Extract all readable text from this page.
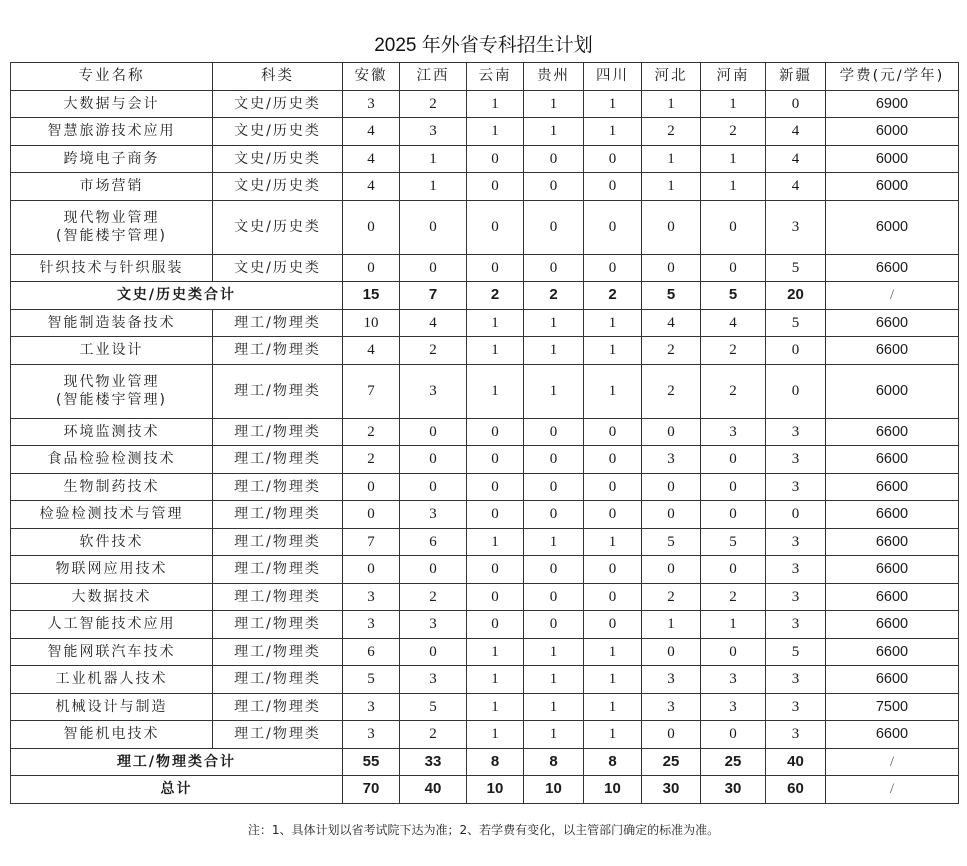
2025 年外省专科招生计划
专业名称	科类	安徽	江西	云南	贵州	四川	河北	河南	新疆	学费(元/学年)

大数据与会计	文史/历史类	3	2	1	1	1	1	1	0	6900

智慧旅游技术应用	文史/历史类	4	3	1	1	1	2	2	4	6000

跨境电子商务	文史/历史类	4	1	0	0	0	1	1	4	6000

市场营销	文史/历史类	4	1	0	0	0	1	1	4	6000

现代物业管理
(智能楼宇管理)	文史/历史类	0	0	0	0	0	0	0	3	6000

针织技术与针织服装	文史/历史类	0	0	0	0	0	0	0	5	6600
文史/历史类合计		15	7	2	2	2	5	5	20	/

智能制造装备技术	理工/物理类	10	4	1	1	1	4	4	5	6600

工业设计	理工/物理类	4	2	1	1	1	2	2	0	6600

现代物业管理
(智能楼宇管理)	理工/物理类	7	3	1	1	1	2	2	0	6000

环境监测技术	理工/物理类	2	0	0	0	0	0	3	3	6600

食品检验检测技术	理工/物理类	2	0	0	0	0	3	0	3	6600

生物制药技术	理工/物理类	0	0	0	0	0	0	0	3	6600

检验检测技术与管理	理工/物理类	0	3	0	0	0	0	0	0	6600

软件技术	理工/物理类	7	6	1	1	1	5	5	3	6600

物联网应用技术	理工/物理类	0	0	0	0	0	0	0	3	6600

大数据技术	理工/物理类	3	2	0	0	0	2	2	3	6600

人工智能技术应用	理工/物理类	3	3	0	0	0	1	1	3	6600

智能网联汽车技术	理工/物理类	6	0	1	1	1	0	0	5	6600

工业机器人技术	理工/物理类	5	3	1	1	1	3	3	3	6600

机械设计与制造	理工/物理类	3	5	1	1	1	3	3	3	7500

智能机电技术	理工/物理类	3	2	1	1	1	0	0	3	6600
理工/物理类合计		55	33	8	8	8	25	25	40	/
总计		70	40	10	10	10	30	30	60	/
注：1、具体计划以省考试院下达为准；2、若学费有变化，以主管部门确定的标准为准。
